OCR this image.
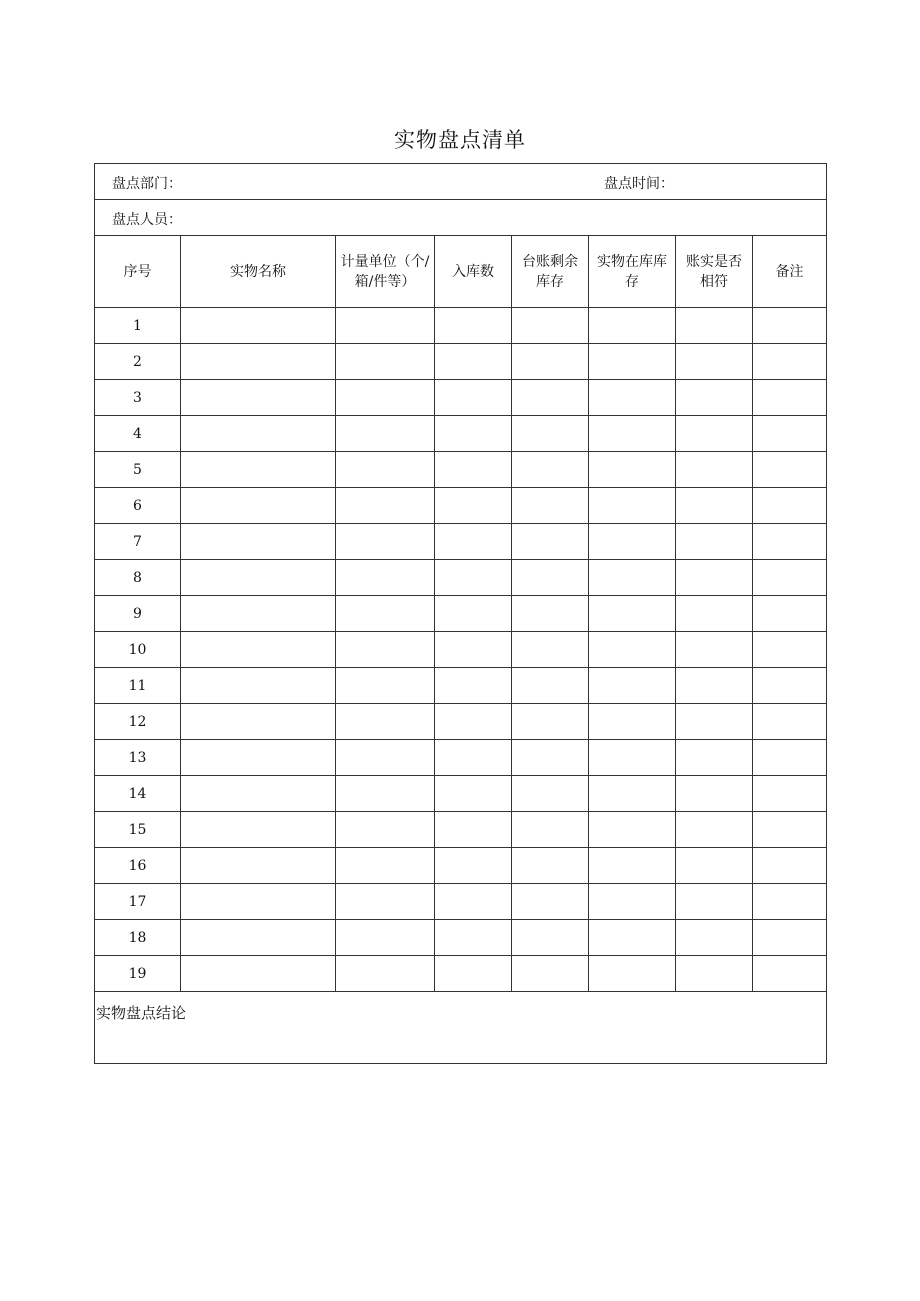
实物盘点清单
盘点部门： 盘点时间：							

盘点人员：							

序号	实物名称	计量单位（个/箱/件等）	入库数	台账剩余库存	实物在库库存	账实是否相符	备注
1							
2							
3							
4							
5							
6							
7							
8							
9							
10							
11							
12							
13							
14							
15							
16							
17							
18							
19							

实物盘点结论							
